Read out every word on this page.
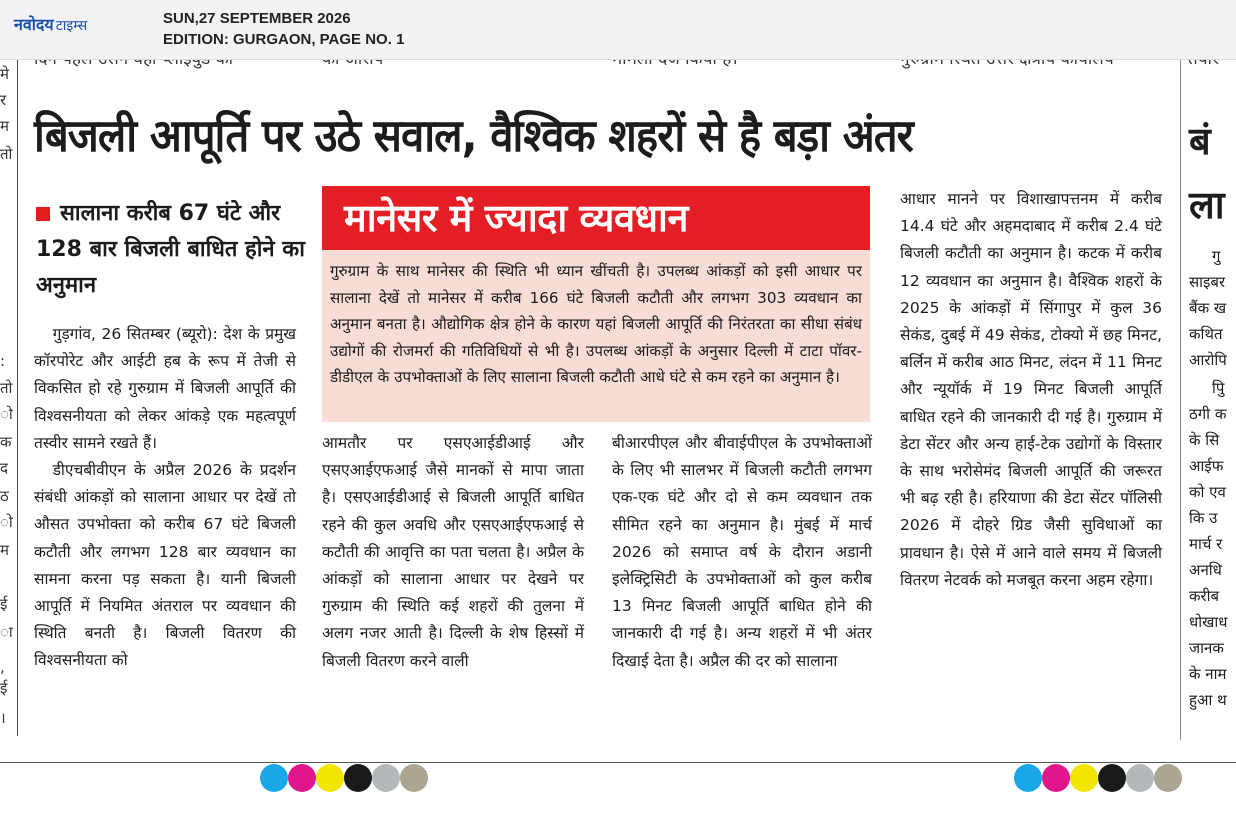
नवोदय टाइम्स	SUN,27 SEPTEMBER 2026
EDITION: GURGAON, PAGE NO. 1
मे
र
म
तो
:
तो
ो
क
द
ठ
ो
म
ई
ा
,
ई
।
बिजली आपूर्ति पर उठे सवाल, वैश्विक शहरों से है बड़ा अंतर
सालाना करीब 67 घंटे और 128 बार बिजली बाधित होने का अनुमान

गुड़गांव, 26 सितम्बर (ब्यूरो): देश के प्रमुख कॉरपोरेट और आईटी हब के रूप में तेजी से विकसित हो रहे गुरुग्राम में बिजली आपूर्ति की विश्वसनीयता को लेकर आंकड़े एक महत्वपूर्ण तस्वीर सामने रखते हैं।

डीएचबीवीएन के अप्रैल 2026 के प्रदर्शन संबंधी आंकड़ों को सालाना आधार पर देखें तो औसत उपभोक्ता को करीब 67 घंटे बिजली कटौती और लगभग 128 बार व्यवधान का सामना करना पड़ सकता है। यानी बिजली आपूर्ति में नियमित अंतराल पर व्यवधान की स्थिति बनती है। बिजली वितरण की विश्वसनीयता को

मानेसर में ज्यादा व्यवधान
गुरुग्राम के साथ मानेसर की स्थिति भी ध्यान खींचती है। उपलब्ध आंकड़ों को इसी आधार पर सालाना देखें तो मानेसर में करीब 166 घंटे बिजली कटौती और लगभग 303 व्यवधान का अनुमान बनता है। औद्योगिक क्षेत्र होने के कारण यहां बिजली आपूर्ति की निरंतरता का सीधा संबंध उद्योगों की रोजमर्रा की गतिविधियों से भी है। उपलब्ध आंकड़ों के अनुसार दिल्ली में टाटा पॉवर-डीडीएल के उपभोक्ताओं के लिए सालाना बिजली कटौती आधे घंटे से कम रहने का अनुमान है।
आमतौर पर एसएआईडीआई और एसएआईएफआई जैसे मानकों से मापा जाता है। एसएआईडीआई से बिजली आपूर्ति बाधित रहने की कुल अवधि और एसएआईएफआई से कटौती की आवृत्ति का पता चलता है। अप्रैल के आंकड़ों को सालाना आधार पर देखने पर गुरुग्राम की स्थिति कई शहरों की तुलना में अलग नजर आती है। दिल्ली के शेष हिस्सों में बिजली वितरण करने वाली
बीआरपीएल और बीवाईपीएल के उपभोक्ताओं के लिए भी सालभर में बिजली कटौती लगभग एक-एक घंटे और दो से कम व्यवधान तक सीमित रहने का अनुमान है। मुंबई में मार्च 2026 को समाप्त वर्ष के दौरान अडानी इलेक्ट्रिसिटी के उपभोक्ताओं को कुल करीब 13 मिनट बिजली आपूर्ति बाधित होने की जानकारी दी गई है। अन्य शहरों में भी अंतर दिखाई देता है। अप्रैल की दर को सालाना
आधार मानने पर विशाखापत्तनम में करीब 14.4 घंटे और अहमदाबाद में करीब 2.4 घंटे बिजली कटौती का अनुमान है। कटक में करीब 12 व्यवधान का अनुमान है। वैश्विक शहरों के 2025 के आंकड़ों में सिंगापुर में कुल 36 सेकंड, दुबई में 49 सेकंड, टोक्यो में छह मिनट, बर्लिन में करीब आठ मिनट, लंदन में 11 मिनट और न्यूयॉर्क में 19 मिनट बिजली आपूर्ति बाधित रहने की जानकारी दी गई है। गुरुग्राम में डेटा सेंटर और अन्य हाई-टेक उद्योगों के विस्तार के साथ भरोसेमंद बिजली आपूर्ति की जरूरत भी बढ़ रही है। हरियाणा की डेटा सेंटर पॉलिसी 2026 में दोहरे ग्रिड जैसी सुविधाओं का प्रावधान है। ऐसे में आने वाले समय में बिजली वितरण नेटवर्क को मजबूत करना अहम रहेगा।
बं
ला
गु
साइबर
बैंक ख
कथित
आरोपि
पुि
ठगी क
के सि
आईफ
को एव
कि उ
मार्च र
अनधि
करीब
धोखाध
जानक
के नाम
हुआ थ
